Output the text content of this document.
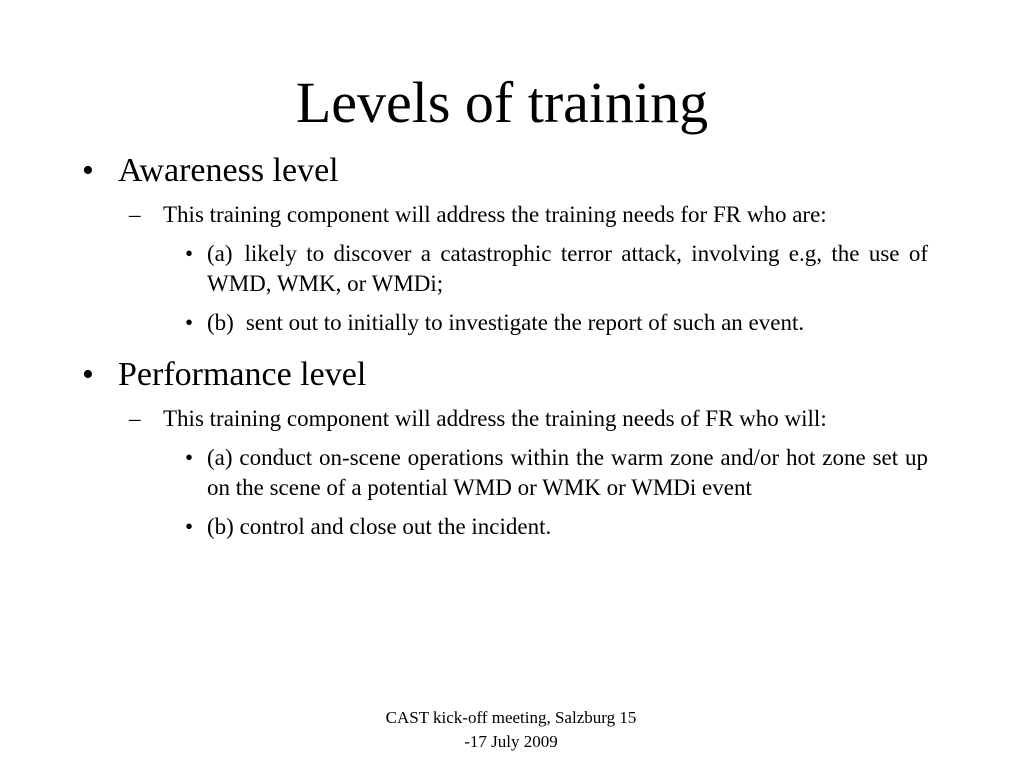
Levels of training
• Awareness level
– This training component will address the training needs for FR who are:
• (a) likely to discover a catastrophic terror attack, involving e.g, the use of WMD, WMK, or WMDi;
• (b) sent out to initially to investigate the report of such an event.
• Performance level
– This training component will address the training needs of FR who will:
• (a) conduct on-scene operations within the warm zone and/or hot zone set up on the scene of a potential WMD or WMK or WMDi event
• (b) control and close out the incident.
CAST kick-off meeting, Salzburg 15
-17 July 2009
